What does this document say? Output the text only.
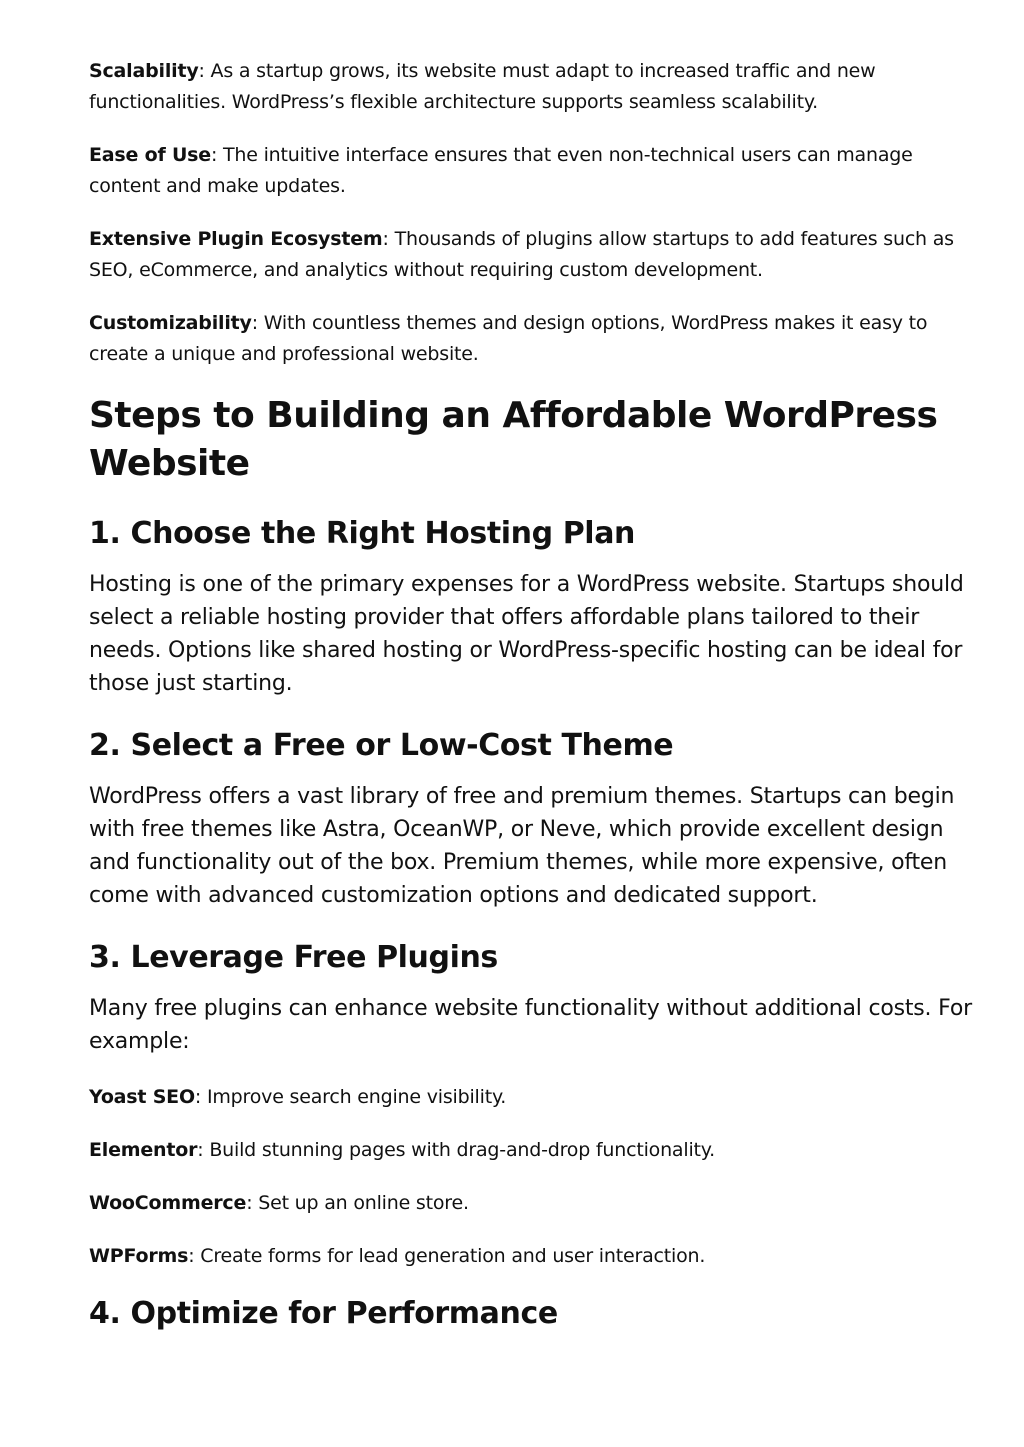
Scalability: As a startup grows, its website must adapt to increased traffic and new functionalities. WordPress’s flexible architecture supports seamless scalability.

Ease of Use: The intuitive interface ensures that even non-technical users can manage content and make updates.

Extensive Plugin Ecosystem: Thousands of plugins allow startups to add features such as SEO, eCommerce, and analytics without requiring custom development.

Customizability: With countless themes and design options, WordPress makes it easy to create a unique and professional website.

Steps to Building an Affordable WordPress Website
1. Choose the Right Hosting Plan

Hosting is one of the primary expenses for a WordPress website. Startups should select a reliable hosting provider that offers affordable plans tailored to their needs. Options like shared hosting or WordPress-specific hosting can be ideal for those just starting.

2. Select a Free or Low-Cost Theme

WordPress offers a vast library of free and premium themes. Startups can begin with free themes like Astra, OceanWP, or Neve, which provide excellent design and functionality out of the box. Premium themes, while more expensive, often come with advanced customization options and dedicated support.

3. Leverage Free Plugins

Many free plugins can enhance website functionality without additional costs. For example:

Yoast SEO: Improve search engine visibility.

Elementor: Build stunning pages with drag-and-drop functionality.

WooCommerce: Set up an online store.

WPForms: Create forms for lead generation and user interaction.

4. Optimize for Performance
